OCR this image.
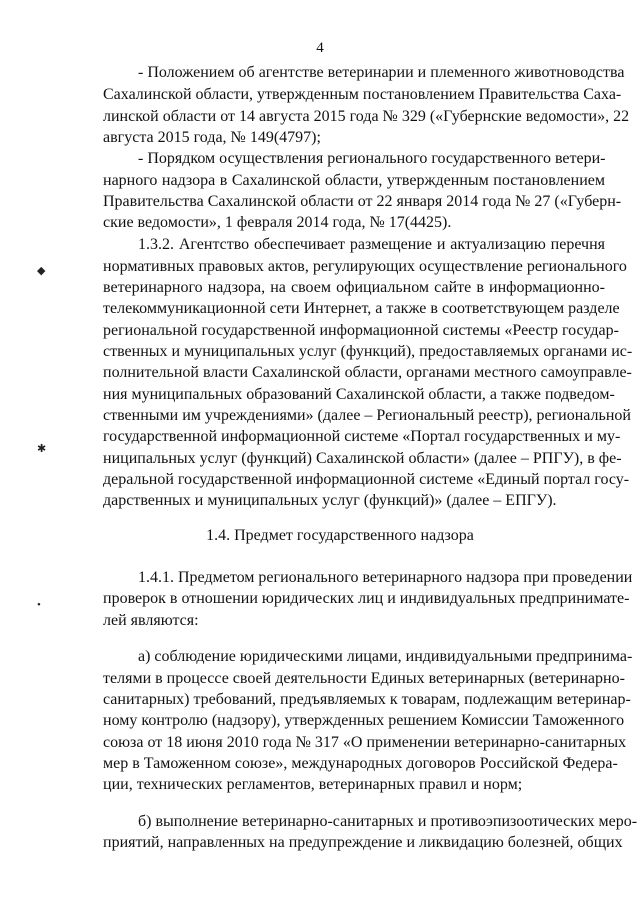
4
- Положением об агентстве ветеринарии и племенного животноводства
Сахалинской области, утвержденным постановлением Правительства Саха-
линской области от 14 августа 2015 года № 329 («Губернские ведомости», 22
августа 2015 года, № 149(4797);
- Порядком осуществления регионального государственного ветери-
нарного надзора в Сахалинской области, утвержденным постановлением
Правительства Сахалинской области от 22 января 2014 года № 27 («Губерн-
ские ведомости», 1 февраля 2014 года, № 17(4425).
1.3.2. Агентство обеспечивает размещение и актуализацию перечня
нормативных правовых актов, регулирующих осуществление регионального
ветеринарного надзора, на своем официальном сайте в информационно-
телекоммуникационной сети Интернет, а также в соответствующем разделе
региональной государственной информационной системы «Реестр государ-
ственных и муниципальных услуг (функций), предоставляемых органами ис-
полнительной власти Сахалинской области, органами местного самоуправле-
ния муниципальных образований Сахалинской области, а также подведом-
ственными им учреждениями» (далее – Региональный реестр), региональной
государственной информационной системе «Портал государственных и му-
ниципальных услуг (функций) Сахалинской области» (далее – РПГУ), в фе-
деральной государственной информационной системе «Единый портал госу-
дарственных и муниципальных услуг (функций)» (далее – ЕПГУ).
1.4. Предмет государственного надзора
1.4.1. Предметом регионального ветеринарного надзора при проведении
проверок в отношении юридических лиц и индивидуальных предпринимате-
лей являются:
а) соблюдение юридическими лицами, индивидуальными предпринима-
телями в процессе своей деятельности Единых ветеринарных (ветеринарно-
санитарных) требований, предъявляемых к товарам, подлежащим ветеринар-
ному контролю (надзору), утвержденных решением Комиссии Таможенного
союза от 18 июня 2010 года № 317 «О применении ветеринарно-санитарных
мер в Таможенном союзе», международных договоров Российской Федера-
ции, технических регламентов, ветеринарных правил и норм;
б) выполнение ветеринарно-санитарных и противоэпизоотических меро-
приятий, направленных на предупреждение и ликвидацию болезней, общих
◆
✱
•
